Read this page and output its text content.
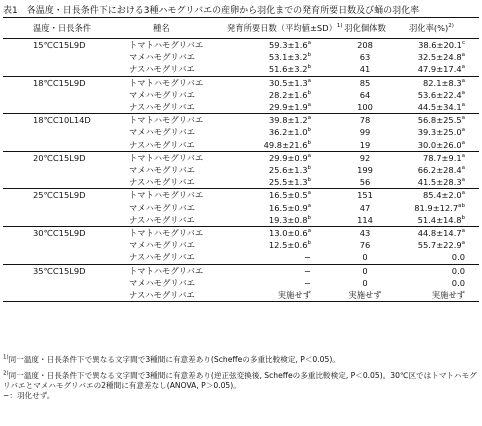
表1　各温度・日長条件下における3種ハモグリバエの産卵から羽化までの発育所要日数及び蛹の羽化率
温度・日長条件	種名	発育所要日数（平均値±SD）$^{1)}$	羽化個体数	羽化率(%)$^{2)}$
15℃C15L9D	トマトハモグリバエ	59.3±1.6$^a$	208	38.6±20.1$^c$
	マメハモグリバエ	53.1±3.2$^b$	63	32.5±24.8$^a$
	ナスハモグリバエ	51.6±3.2$^b$	41	47.9±17.4$^a$
18℃C15L9D	トマトハモグリバエ	30.5±1.3$^a$	85	82.1±8.3$^a$
	マメハモグリバエ	28.2±1.6$^b$	64	53.6±22.4$^a$
	ナスハモグリバエ	29.9±1.9$^a$	100	44.5±34.1$^a$
18℃C10L14D	トマトハモグリバエ	39.8±1.2$^a$	78	56.8±25.5$^a$
	マメハモグリバエ	36.2±1.0$^b$	99	39.3±25.0$^a$
	ナスハモグリバエ	49.8±21.6$^b$	19	30.0±26.0$^a$
20℃C15L9D	トマトハモグリバエ	29.9±0.9$^a$	92	78.7±9.1$^a$
	マメハモグリバエ	25.6±1.3$^b$	199	66.2±28.4$^a$
	ナスハモグリバエ	25.5±1.3$^b$	56	41.5±28.3$^a$
25℃C15L9D	トマトハモグリバエ	16.5±0.5$^a$	151	85.4±2.0$^a$
	マメハモグリバエ	16.5±0.9$^a$	47	81.9±12.7$^{ab}$
	ナスハモグリバエ	19.3±0.8$^b$	114	51.4±14.8$^b$
30℃C15L9D	トマトハモグリバエ	13.0±0.6$^a$	43	44.8±14.7$^a$
	マメハモグリバエ	12.5±0.6$^b$	76	55.7±22.9$^a$
	ナスハモグリバエ	−	0	0.0
35℃C15L9D	トマトハモグリバエ	−	0	0.0
	マメハモグリバエ	−	0	0.0
	ナスハモグリバエ	実施せず	実施せず	実施せず

$^{1)}$同一温度・日長条件下で異なる文字間で3種間に有意差あり(Scheffeの多重比較検定, P＜0.05)。

$^{2)}$同一温度・日長条件下で異なる文字間で3種間に有意差あり(逆正弦変換後, Scheffeの多重比較検定, P＜0.05)。30℃区ではトマトハモグリバエとマメハモグリバエの2種間に有意差なし(ANOVA, P＞0.05)。

−：羽化せず。
